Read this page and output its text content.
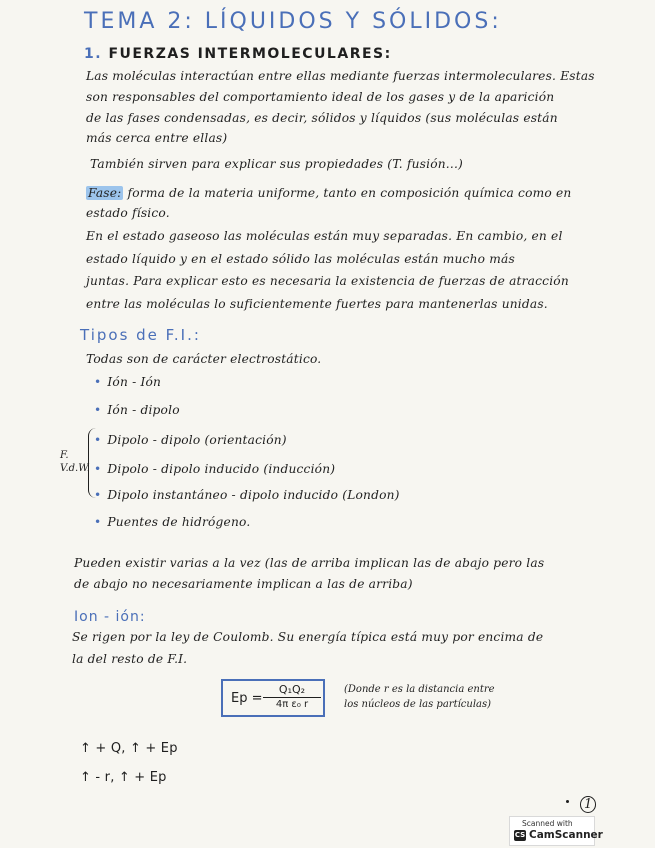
TEMA 2: LÍQUIDOS Y SÓLIDOS:
1. FUERZAS INTERMOLECULARES:
Las moléculas interactúan entre ellas mediante fuerzas intermoleculares. Estas
son responsables del comportamiento ideal de los gases y de la aparición
de las fases condensadas, es decir, sólidos y líquidos (sus moléculas están
más cerca entre ellas)
También sirven para explicar sus propiedades (T. fusión...)
Fase: forma de la materia uniforme, tanto en composición química como en
estado físico.
En el estado gaseoso las moléculas están muy separadas. En cambio, en el
estado líquido y en el estado sólido las moléculas están mucho más
juntas. Para explicar esto es necesaria la existencia de fuerzas de atracción
entre las moléculas lo suficientemente fuertes para mantenerlas unidas.
Tipos de F.I.:
Todas son de carácter electrostático.
• Ión - Ión
• Ión - dipolo
F.
V.d.W.
• Dipolo - dipolo (orientación)
• Dipolo - dipolo inducido (inducción)
• Dipolo instantáneo - dipolo inducido (London)
• Puentes de hidrógeno.
Pueden existir varias a la vez (las de arriba implican las de abajo pero las
de abajo no necesariamente implican a las de arriba)
Ion - ión:
Se rigen por la ley de Coulomb. Su energía típica está muy por encima de
la del resto de F.I.
$Ep = \frac{\text{Q₁Q₂}}{\text{4π ε₀ r}}$ (Donde r es la distancia entre
los núcleos de las partículas)
↑ + Q, ↑ + Ep
↑ - r, ↑ + Ep
1
Scanned with
CS CamScanner
